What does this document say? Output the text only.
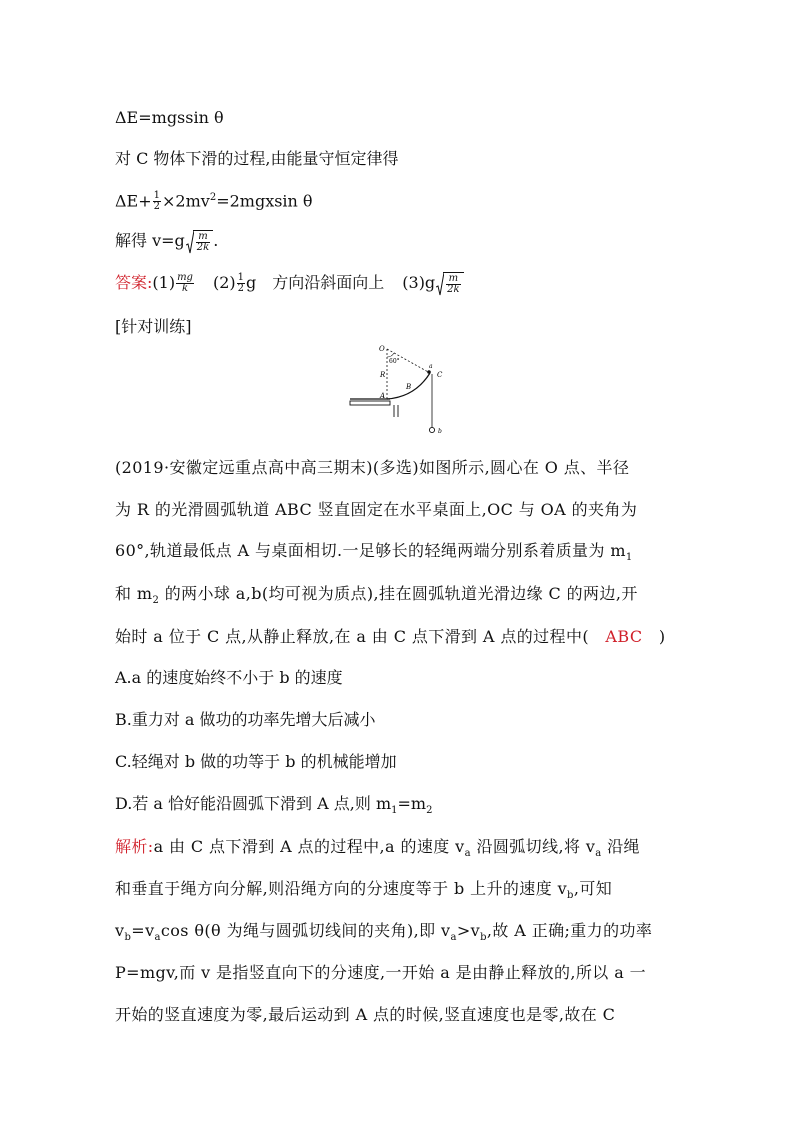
ΔE=mgssin θ
对 C 物体下滑的过程,由能量守恒定律得
$\Delta E+ \frac{1}{2} \times 2mv^2=2mgxsin$ θ
解得 $v=g \frac{m}{2k}$ .
答案:(1) $\frac{mg}{k} (2) \frac{1}{2}$ g　方向沿斜面向上 $(3)g \frac{m}{2k}$
[针对训练]
O
60°
R
A
B
C
a
b
(2019·安徽定远重点高中高三期末)(多选)如图所示,圆心在 O 点、半径
为 R 的光滑圆弧轨道 ABC 竖直固定在水平桌面上,OC 与 OA 的夹角为
60°,轨道最低点 A 与桌面相切.一足够长的轻绳两端分别系着质量为 $m_1$
和 $m_2$ 的两小球 a,b(均可视为质点),挂在圆弧轨道光滑边缘 C 的两边,开
始时 a 位于 C 点,从静止释放,在 a 由 C 点下滑到 A 点的过程中(　ABC　)
A.a 的速度始终不小于 b 的速度
B.重力对 a 做功的功率先增大后减小
C.轻绳对 b 做的功等于 b 的机械能增加
D.若 a 恰好能沿圆弧下滑到 A 点,则 $m_1=m_2$
解析:a 由 C 点下滑到 A 点的过程中,a 的速度 $v_a$ 沿圆弧切线,将 $v_a$ 沿绳
和垂直于绳方向分解,则沿绳方向的分速度等于 b 上升的速度 $v_b$,可知
$v_b=v_a\cos$ θ(θ 为绳与圆弧切线间的夹角),即 $v_a>v_b$,故 A 正确;重力的功率
P=mgv,而 v 是指竖直向下的分速度,一开始 a 是由静止释放的,所以 a 一
开始的竖直速度为零,最后运动到 A 点的时候,竖直速度也是零,故在 C
